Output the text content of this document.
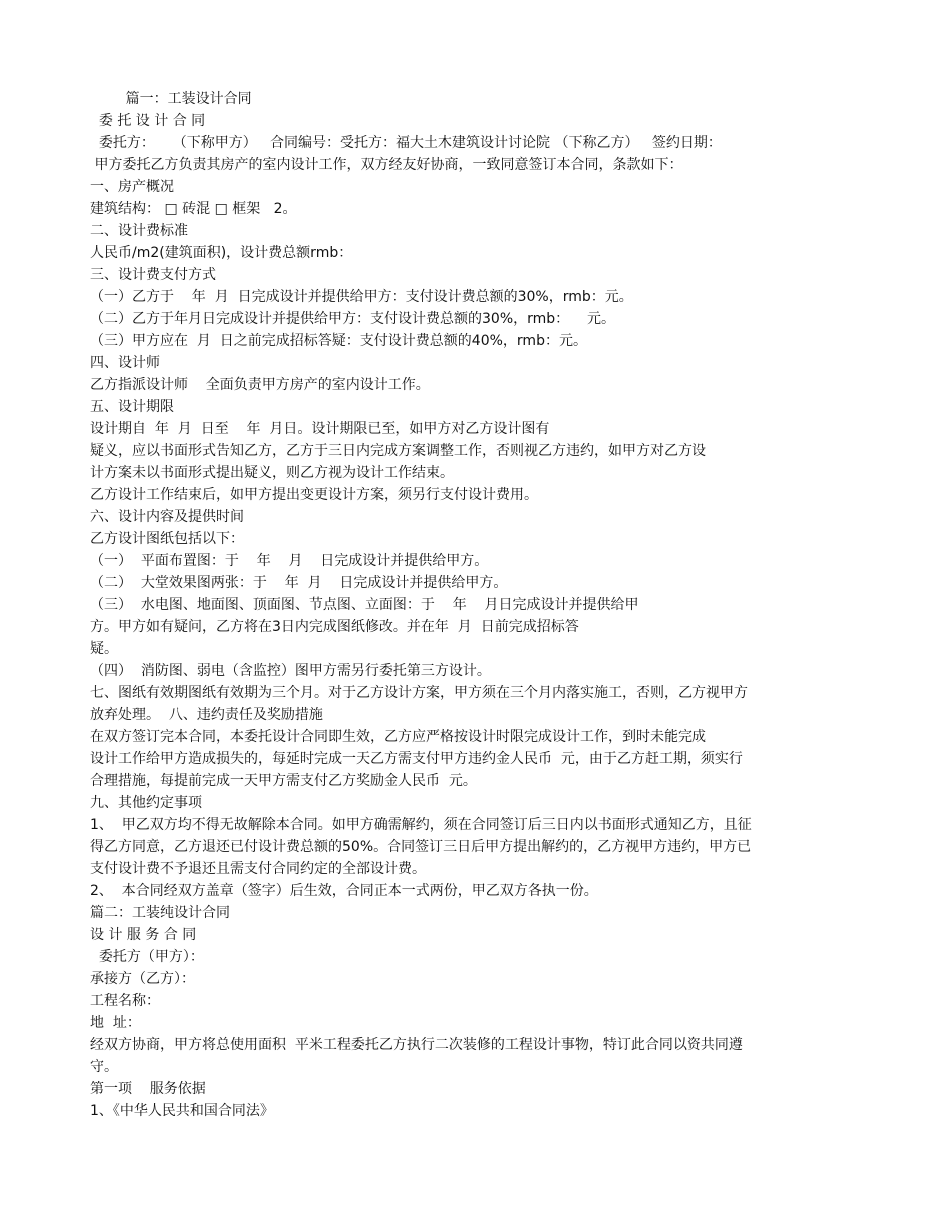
篇一：工装设计合同
委 托 设 计 合 同
委托方：    （下称甲方）   合同编号：受托方：福大土木建筑设计讨论院 （下称乙方）   签约日期：
甲方委托乙方负责其房产的室内设计工作，双方经友好协商，一致同意签订本合同，条款如下：
一、房产概况
建筑结构： □ 砖混 □ 框架   2。
二、设计费标准
人民币/m2(建筑面积)，设计费总额rmb：
三、设计费支付方式
（一）乙方于    年  月  日完成设计并提供给甲方：支付设计费总额的30%，rmb：元。
（二）乙方于年月日完成设计并提供给甲方：支付设计费总额的30%，rmb：    元。
（三）甲方应在  月  日之前完成招标答疑：支付设计费总额的40%，rmb：元。
四、设计师
乙方指派设计师    全面负责甲方房产的室内设计工作。
五、设计期限
设计期自  年  月  日至    年  月日。设计期限已至，如甲方对乙方设计图有
疑义，应以书面形式告知乙方，乙方于三日内完成方案调整工作，否则视乙方违约，如甲方对乙方设
计方案未以书面形式提出疑义，则乙方视为设计工作结束。
乙方设计工作结束后，如甲方提出变更设计方案，须另行支付设计费用。
六、设计内容及提供时间
乙方设计图纸包括以下：
（一）  平面布置图：于    年    月    日完成设计并提供给甲方。
（二）  大堂效果图两张：于    年  月    日完成设计并提供给甲方。
（三）  水电图、地面图、顶面图、节点图、立面图：于    年    月日完成设计并提供给甲
方。甲方如有疑问，乙方将在3日内完成图纸修改。并在年  月  日前完成招标答
疑。
（四）  消防图、弱电（含监控）图甲方需另行委托第三方设计。
七、图纸有效期图纸有效期为三个月。对于乙方设计方案，甲方须在三个月内落实施工，否则，乙方视甲方
放弃处理。  八、违约责任及奖励措施
在双方签订完本合同，本委托设计合同即生效，乙方应严格按设计时限完成设计工作，到时未能完成
设计工作给甲方造成损失的，每延时完成一天乙方需支付甲方违约金人民币  元，由于乙方赶工期，须实行
合理措施，每提前完成一天甲方需支付乙方奖励金人民币  元。
九、其他约定事项
1、  甲乙双方均不得无故解除本合同。如甲方确需解约，须在合同签订后三日内以书面形式通知乙方，且征
得乙方同意，乙方退还已付设计费总额的50%。合同签订三日后甲方提出解约的，乙方视甲方违约，甲方已
支付设计费不予退还且需支付合同约定的全部设计费。
2、  本合同经双方盖章（签字）后生效，合同正本一式两份，甲乙双方各执一份。
篇二：工装纯设计合同
设 计 服 务 合 同
委托方（甲方）：
承接方（乙方）：
工程名称：
地  址：
经双方协商，甲方将总使用面积  平米工程委托乙方执行二次装修的工程设计事物，特订此合同以资共同遵
守。
第一项    服务依据
1、《中华人民共和国合同法》
